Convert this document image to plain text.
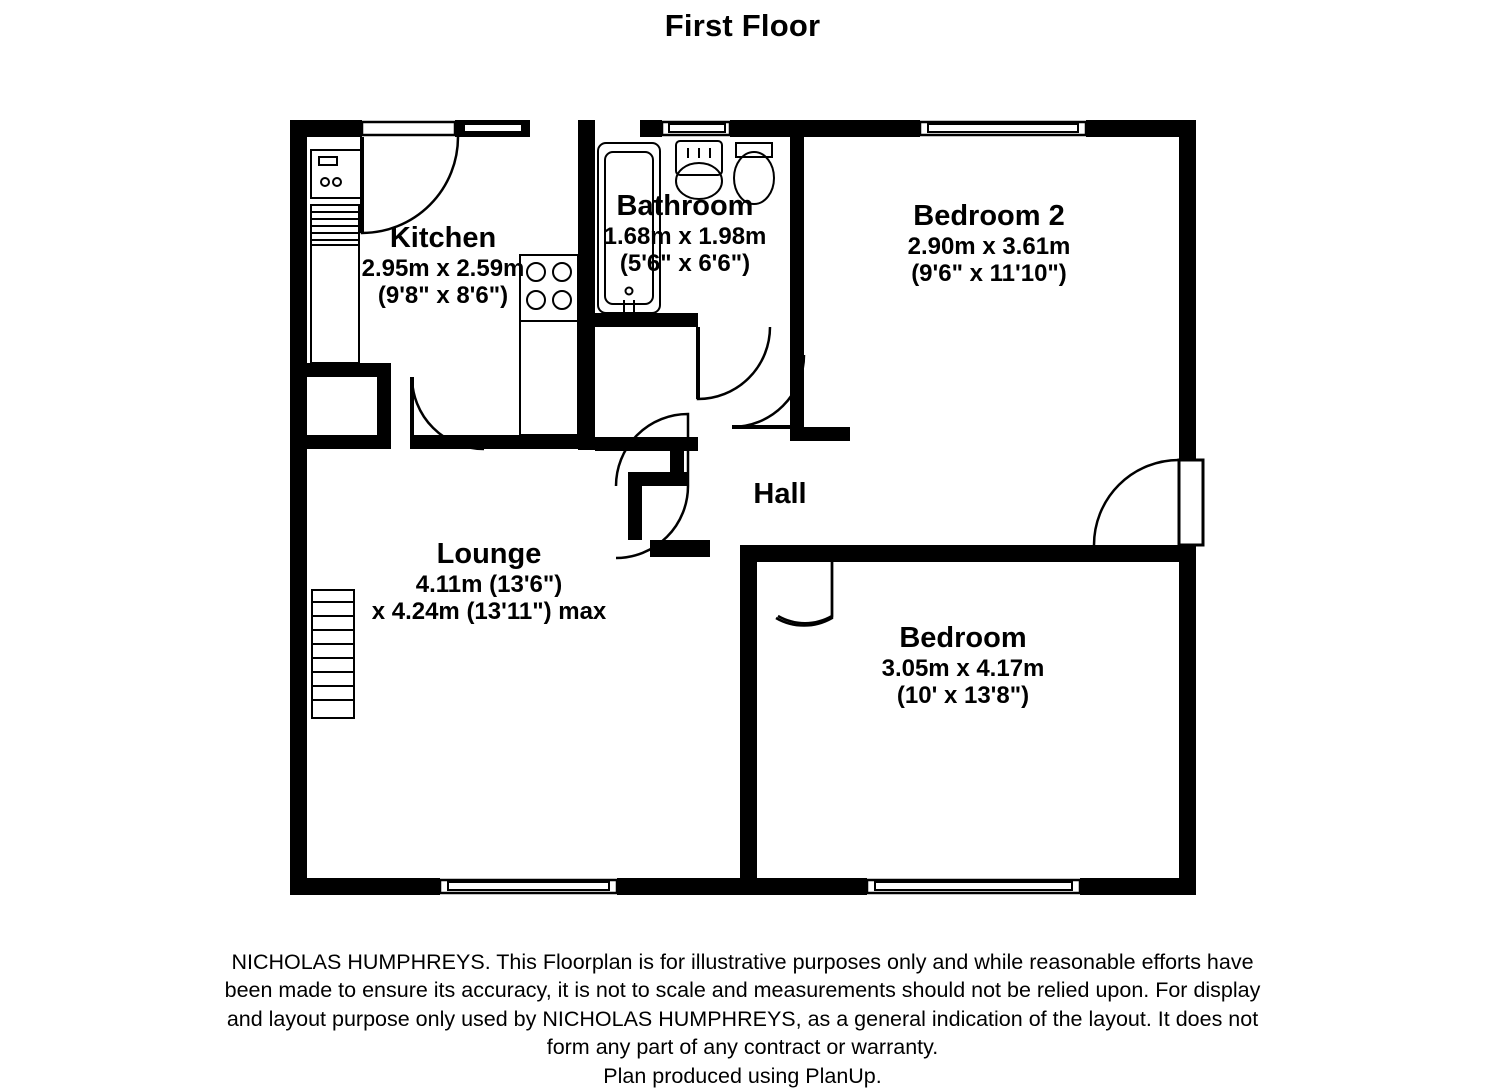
First Floor
Kitchen
2.95m x 2.59m
(9'8" x 8'6")
Bathroom
1.68m x 1.98m
(5'6" x 6'6")
Bedroom 2
2.90m x 3.61m
(9'6" x 11'10")
Hall
Lounge
4.11m (13'6")
x 4.24m (13'11") max
Bedroom
3.05m x 4.17m
(10' x 13'8")

NICHOLAS HUMPHREYS. This Floorplan is for illustrative purposes only and while reasonable efforts have

been made to ensure its accuracy, it is not to scale and measurements should not be relied upon. For display

and layout purpose only used by NICHOLAS HUMPHREYS, as a general indication of the layout. It does not

form any part of any contract or warranty.

Plan produced using PlanUp.
